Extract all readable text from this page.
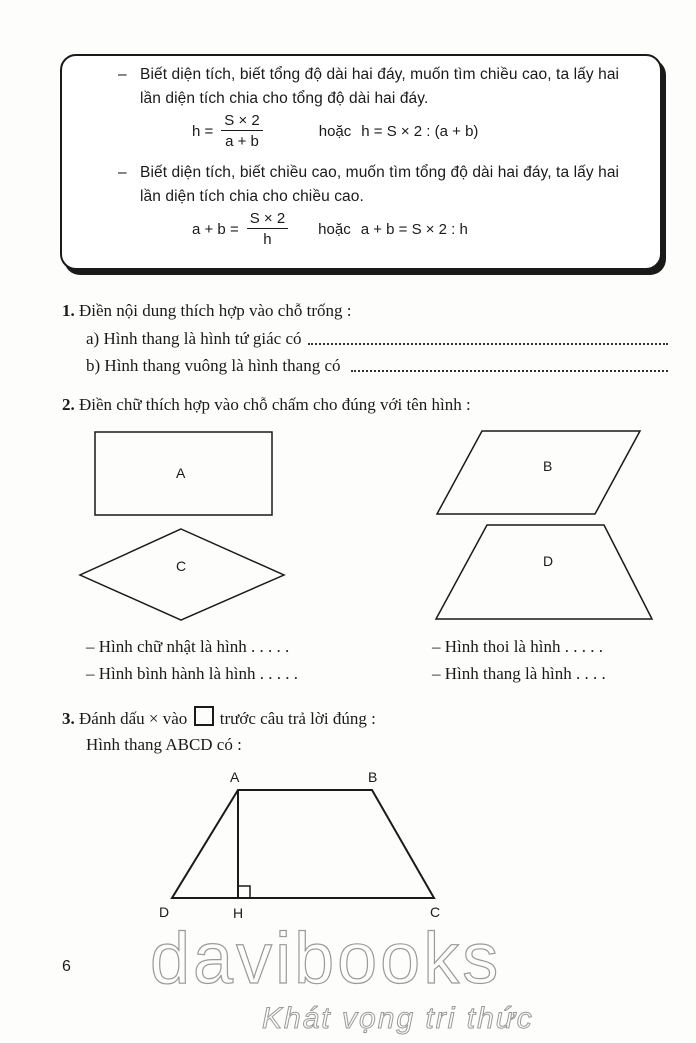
– Biết diện tích, biết tổng độ dài hai đáy, muốn tìm chiều cao, ta lấy hai
lần diện tích chia cho tổng độ dài hai đáy.
$h = \frac{S \times 2}{a + b}$	hoặc h = S × 2 : (a + b)
– Biết diện tích, biết chiều cao, muốn tìm tổng độ dài hai đáy, ta lấy hai
lần diện tích chia cho chiều cao.
$a + b = \frac{S \times 2}{h}$ hoặc a + b = S × 2 : h
1. Điền nội dung thích hợp vào chỗ trống :
a) Hình thang là hình tứ giác có
b) Hình thang vuông là hình thang có
2. Điền chữ thích hợp vào chỗ chấm cho đúng với tên hình :
A	B
C	D
– Hình chữ nhật là hình . . . . .
– Hình bình hành là hình . . . . .
– Hình thoi là hình . . . . .
– Hình thang là hình . . . .
3. Đánh dấu × vào trước câu trả lời đúng :
Hình thang ABCD có :
A	B
C
D	H
6 davibooks
Khát vọng tri thức
